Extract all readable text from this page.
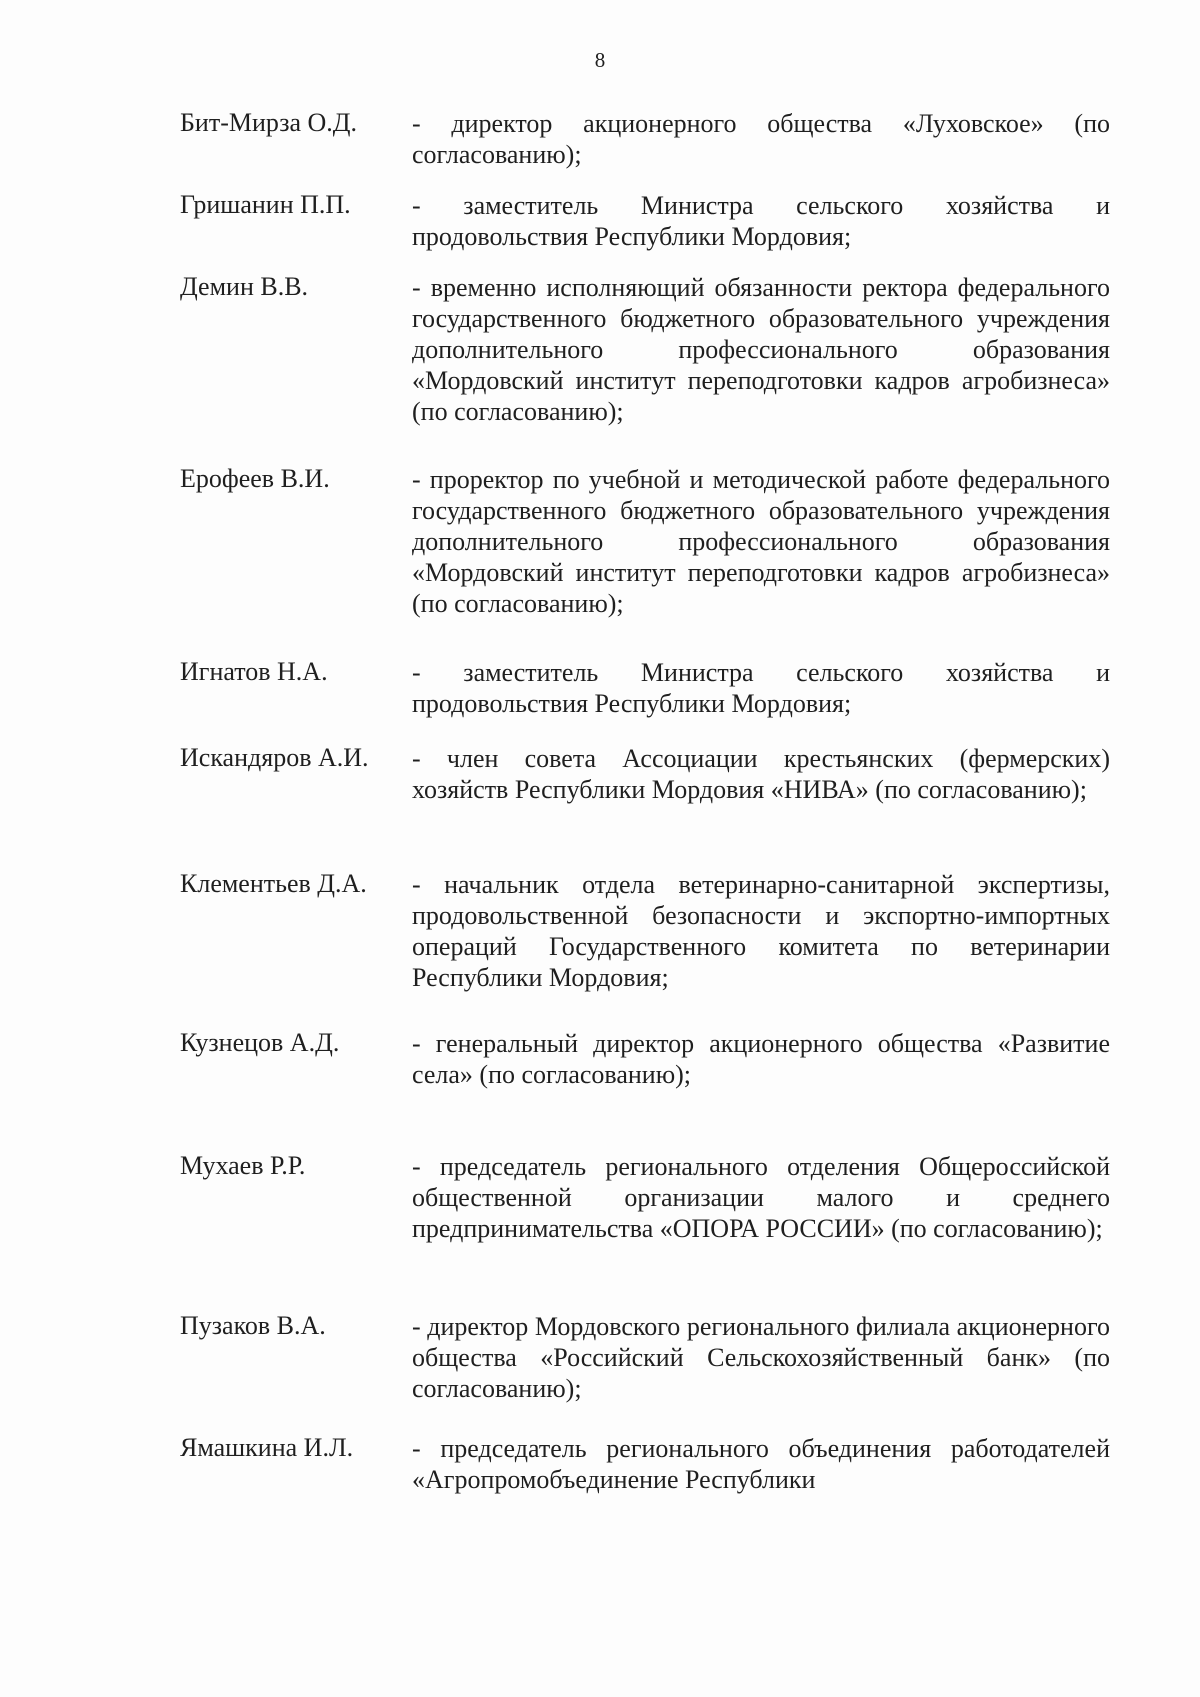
8
Бит-Мирза О.Д. - директор акционерного общества «Луховское» (по согласованию);
Гришанин П.П. - заместитель Министра сельского хозяйства и продовольствия Республики Мордовия;
Демин В.В.	- временно исполняющий обязанности ректора федерального государственного бюджетного образовательного учреждения дополнительного профессионального образования «Мордовский институт переподготовки кадров агробизнеса» (по согласованию);
Ерофеев В.И.	- проректор по учебной и методической работе федерального государственного бюджетного образовательного учреждения дополнительного профессионального образования «Мордовский институт переподготовки кадров агробизнеса» (по согласованию);
Игнатов Н.А.	- заместитель Министра сельского хозяйства и продовольствия Республики Мордовия;
Искандяров А.И. - член совета Ассоциации крестьянских (фермерских) хозяйств Республики Мордовия «НИВА» (по согласованию);
Клементьев Д.А. - начальник отдела ветеринарно-санитарной экспертизы, продовольственной безопасности и экспортно-импортных операций Государственного комитета по ветеринарии Республики Мордовия;
Кузнецов А.Д.	- генеральный директор акционерного общества «Развитие села» (по согласованию);
Мухаев Р.Р.	- председатель регионального отделения Общероссийской общественной организации малого и среднего предпринимательства «ОПОРА РОССИИ» (по согласованию);
Пузаков В.А.	- директор Мордовского регионального филиала акционерного общества «Российский Сельскохозяйственный банк» (по согласованию);
Ямашкина И.Л. - председатель регионального объединения работодателей «Агропромобъединение Республики
